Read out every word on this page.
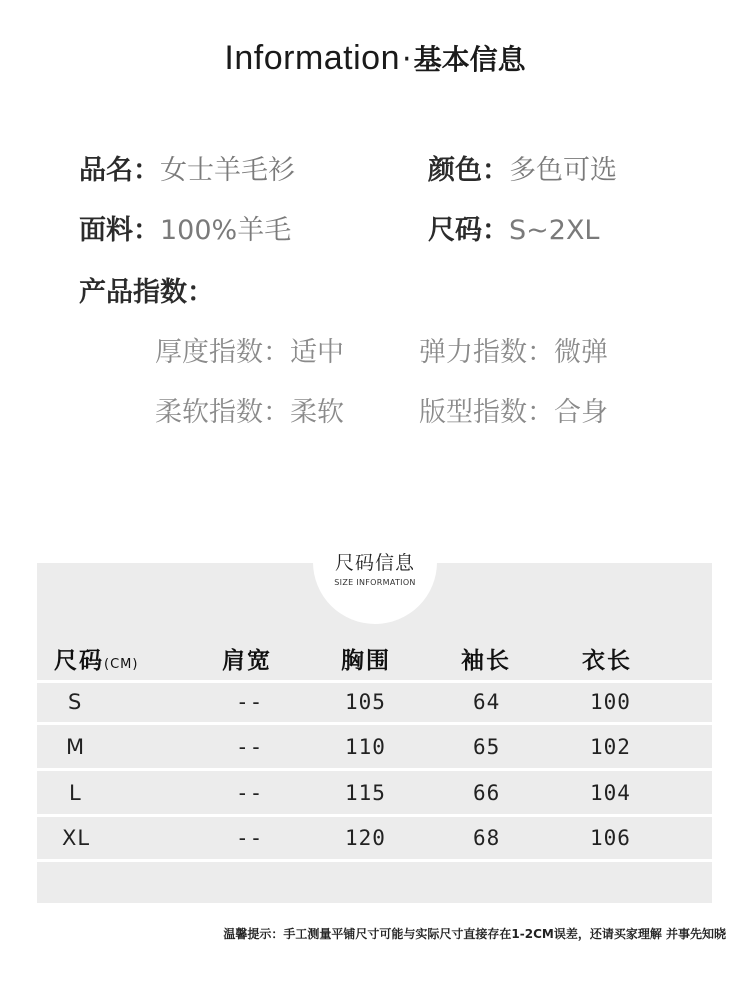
Information·基本信息
品名：女士羊毛衫	颜色：多色可选
面料：100%羊毛	尺码：S~2XL
产品指数：
厚度指数：适中	弹力指数：微弹
柔软指数：柔软	版型指数：合身
尺码信息
SIZE INFORMATION
尺码(CM)	肩宽	胸围	袖长	衣长
S	--	105	64	100
M	--	110	65	102
L	--	115	66	104
XL	--	120	68	106
温馨提示：手工测量平铺尺寸可能与实际尺寸直接存在1-2CM误差，还请买家理解 并事先知晓
